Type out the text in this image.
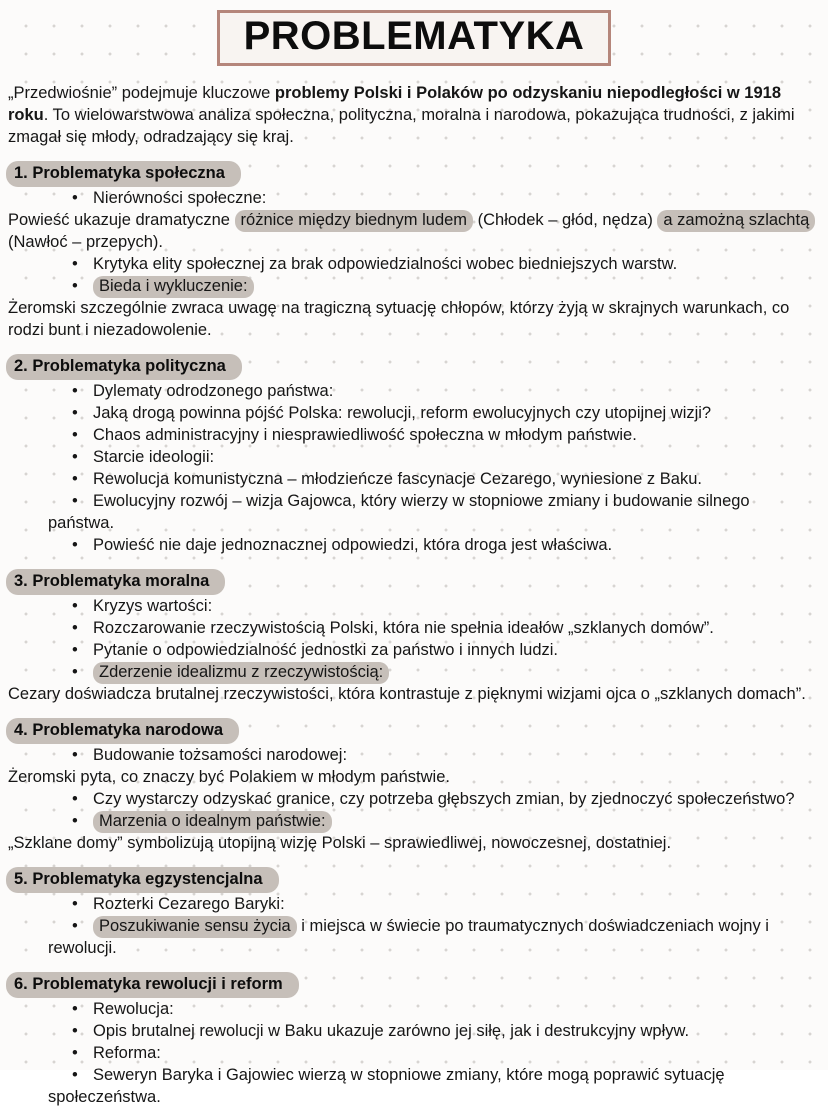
PROBLEMATYKA

„Przedwiośnie” podejmuje kluczowe problemy Polski i Polaków po odzyskaniu niepodległości w 1918 roku. To wielowarstwowa analiza społeczna, polityczna, moralna i narodowa, pokazująca trudności, z jakimi zmagał się młody, odradzający się kraj.

1. Problematyka społeczna
• Nierówności społeczne:
Powieść ukazuje dramatyczne różnice między biednym ludem (Chłodek – głód, nędza) a zamożną szlachtą (Nawłoć – przepych).
• Krytyka elity społecznej za brak odpowiedzialności wobec biedniejszych warstw.
• Bieda i wykluczenie:
Żeromski szczególnie zwraca uwagę na tragiczną sytuację chłopów, którzy żyją w skrajnych warunkach, co rodzi bunt i niezadowolenie.
2. Problematyka polityczna
• Dylematy odrodzonego państwa:
• Jaką drogą powinna pójść Polska: rewolucji, reform ewolucyjnych czy utopijnej wizji?
• Chaos administracyjny i niesprawiedliwość społeczna w młodym państwie.
• Starcie ideologii:
• Rewolucja komunistyczna – młodzieńcze fascynacje Cezarego, wyniesione z Baku.
• Ewolucyjny rozwój – wizja Gajowca, który wierzy w stopniowe zmiany i budowanie silnego państwa.
• Powieść nie daje jednoznacznej odpowiedzi, która droga jest właściwa.
3. Problematyka moralna
• Kryzys wartości:
• Rozczarowanie rzeczywistością Polski, która nie spełnia ideałów „szklanych domów”.
• Pytanie o odpowiedzialność jednostki za państwo i innych ludzi.
• Zderzenie idealizmu z rzeczywistością:
Cezary doświadcza brutalnej rzeczywistości, która kontrastuje z pięknymi wizjami ojca o „szklanych domach”.
4. Problematyka narodowa
• Budowanie tożsamości narodowej:
Żeromski pyta, co znaczy być Polakiem w młodym państwie.
• Czy wystarczy odzyskać granice, czy potrzeba głębszych zmian, by zjednoczyć społeczeństwo?
• Marzenia o idealnym państwie:
„Szklane domy” symbolizują utopijną wizję Polski – sprawiedliwej, nowoczesnej, dostatniej.
5. Problematyka egzystencjalna
• Rozterki Cezarego Baryki:
• Poszukiwanie sensu życia i miejsca w świecie po traumatycznych doświadczeniach wojny i rewolucji.
6. Problematyka rewolucji i reform
• Rewolucja:
• Opis brutalnej rewolucji w Baku ukazuje zarówno jej siłę, jak i destrukcyjny wpływ.
• Reforma:
• Seweryn Baryka i Gajowiec wierzą w stopniowe zmiany, które mogą poprawić sytuację społeczeństwa.
